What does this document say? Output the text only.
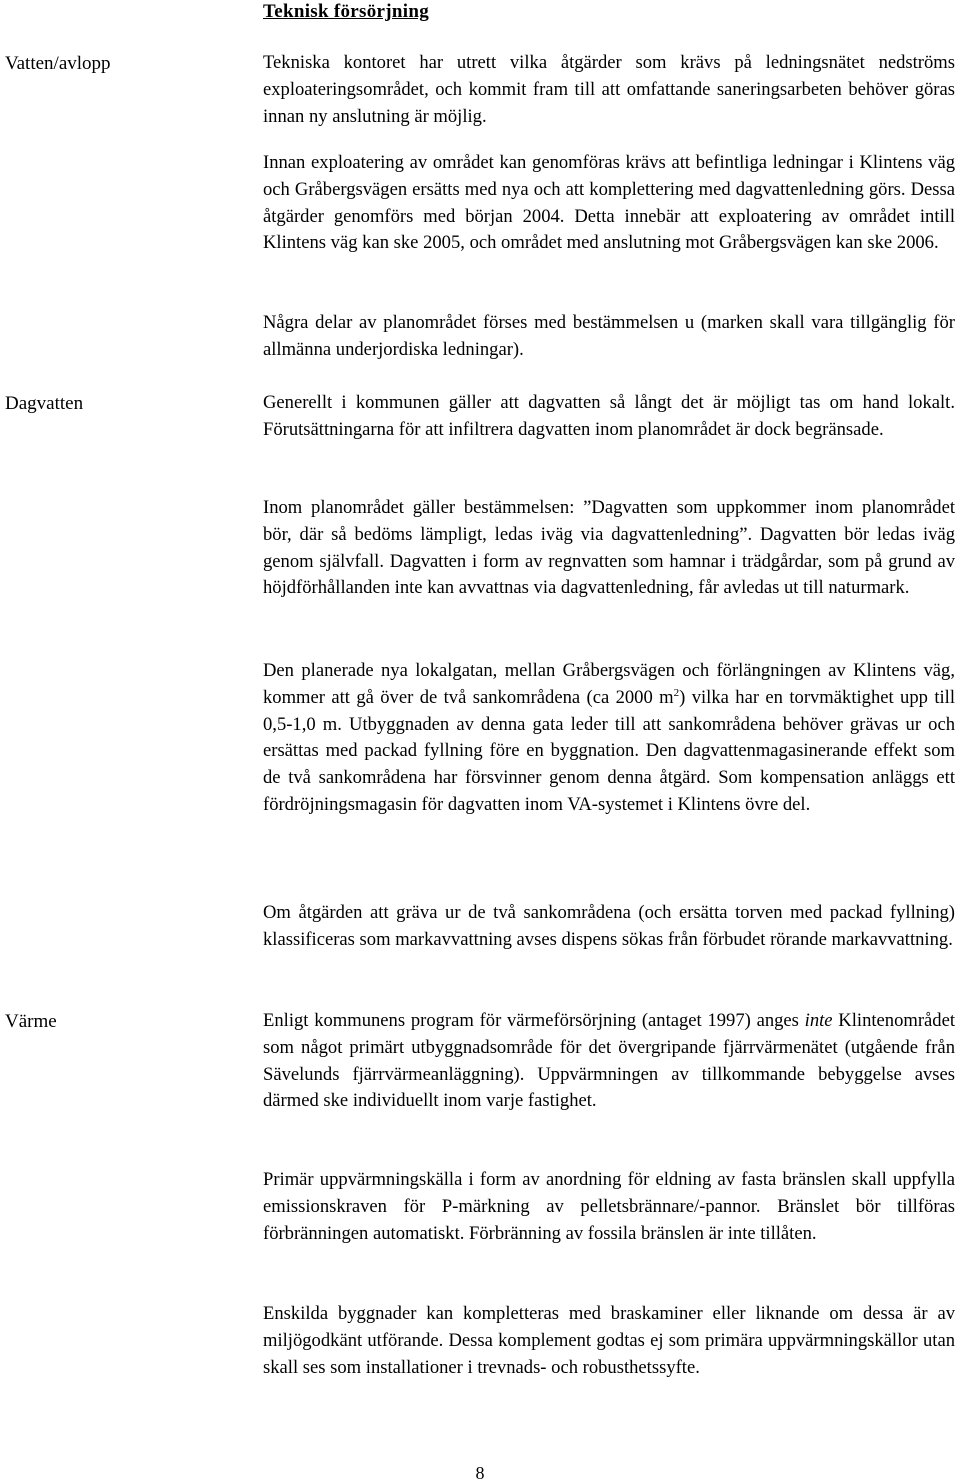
Teknisk försörjning
Vatten/avlopp	Tekniska kontoret har utrett vilka åtgärder som krävs på ledningsnätet nedströms exploateringsområdet, och kommit fram till att omfattande saneringsarbeten behöver göras innan ny anslutning är möjlig.

Innan exploatering av området kan genomföras krävs att befintliga ledningar i Klintens väg och Gråbergsvägen ersätts med nya och att komplettering med dagvattenledning görs. Dessa åtgärder genomförs med början 2004. Detta innebär att exploatering av området intill Klintens väg kan ske 2005, och området med anslutning mot Gråbergsvägen kan ske 2006.

Några delar av planområdet förses med bestämmelsen u (marken skall vara tillgänglig för allmänna underjordiska ledningar).

Dagvatten	Generellt i kommunen gäller att dagvatten så långt det är möjligt tas om hand lokalt. Förutsättningarna för att infiltrera dagvatten inom planområdet är dock begränsade.

Inom planområdet gäller bestämmelsen: ”Dagvatten som uppkommer inom planområdet bör, där så bedöms lämpligt, ledas iväg via dagvattenledning”. Dagvatten bör ledas iväg genom självfall. Dagvatten i form av regnvatten som hamnar i trädgårdar, som på grund av höjdförhållanden inte kan avvattnas via dagvattenledning, får avledas ut till naturmark.

Den planerade nya lokalgatan, mellan Gråbergsvägen och förlängningen av Klintens väg, kommer att gå över de två sankområdena (ca 2000 $m^2$) vilka har en torvmäktighet upp till 0,5-1,0 m. Utbyggnaden av denna gata leder till att sankområdena behöver grävas ur och ersättas med packad fyllning före en byggnation. Den dagvattenmagasinerande effekt som de två sankområdena har försvinner genom denna åtgärd. Som kompensation anläggs ett fördröjningsmagasin för dagvatten inom VA-systemet i Klintens övre del.

Om åtgärden att gräva ur de två sankområdena (och ersätta torven med packad fyllning) klassificeras som markavvattning avses dispens sökas från förbudet rörande markavvattning.

Värme	Enligt kommunens program för värmeförsörjning (antaget 1997) anges inte Klintenområdet som något primärt utbyggnadsområde för det övergripande fjärrvärmenätet (utgående från Sävelunds fjärrvärmeanläggning). Uppvärmningen av tillkommande bebyggelse avses därmed ske individuellt inom varje fastighet.

Primär uppvärmningskälla i form av anordning för eldning av fasta bränslen skall uppfylla emissionskraven för P-märkning av pelletsbrännare/-pannor. Bränslet bör tillföras förbränningen automatiskt. Förbränning av fossila bränslen är inte tillåten.

Enskilda byggnader kan kompletteras med braskaminer eller liknande om dessa är av miljögodkänt utförande. Dessa komplement godtas ej som primära uppvärmningskällor utan skall ses som installationer i trevnads- och robusthetssyfte.

8
